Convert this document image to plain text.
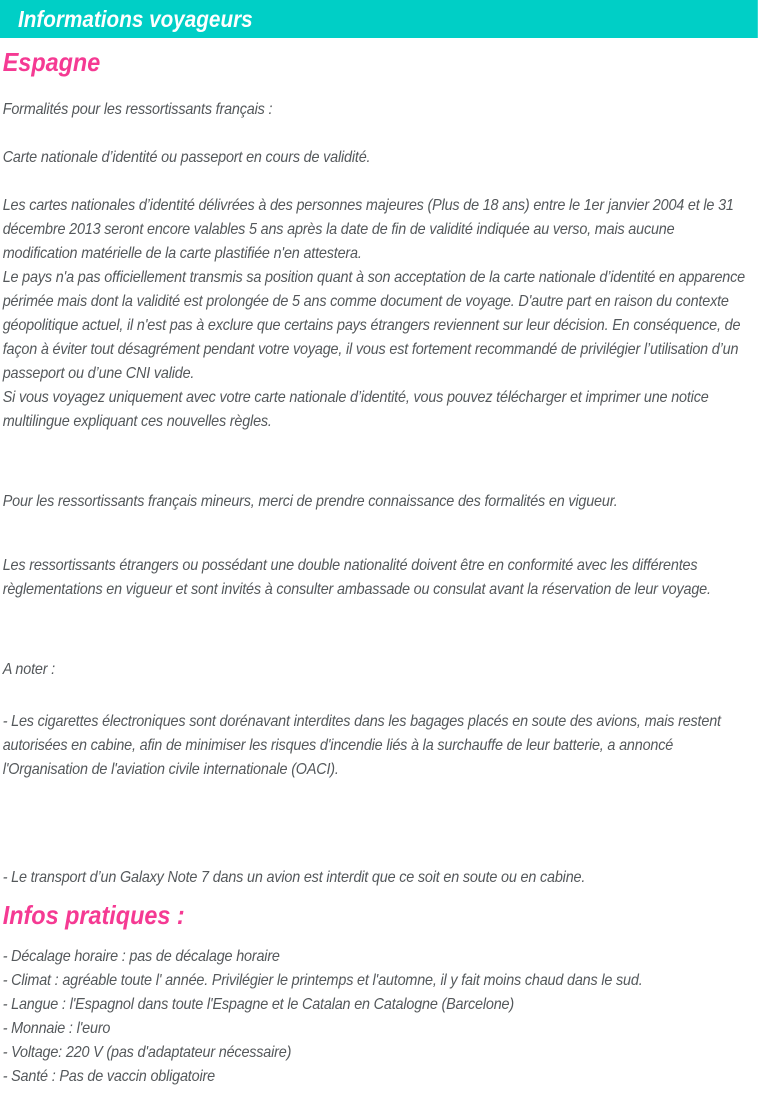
Informations voyageurs
Espagne

Formalités pour les ressortissants français :

Carte nationale d’identité ou passeport en cours de validité.

Les cartes nationales d’identité délivrées à des personnes majeures (Plus de 18 ans) entre le 1er janvier 2004 et le 31 décembre 2013 seront encore valables 5 ans après la date de fin de validité indiquée au verso, mais aucune modification matérielle de la carte plastifiée n'en attestera.

Le pays n'a pas officiellement transmis sa position quant à son acceptation de la carte nationale d’identité en apparence périmée mais dont la validité est prolongée de 5 ans comme document de voyage. D'autre part en raison du contexte géopolitique actuel, il n'est pas à exclure que certains pays étrangers reviennent sur leur décision. En conséquence, de façon à éviter tout désagrément pendant votre voyage, il vous est fortement recommandé de privilégier l’utilisation d’un passeport ou d’une CNI valide.

Si vous voyagez uniquement avec votre carte nationale d’identité, vous pouvez télécharger et imprimer une notice multilingue expliquant ces nouvelles règles.

Pour les ressortissants français mineurs, merci de prendre connaissance des formalités en vigueur.

Les ressortissants étrangers ou possédant une double nationalité doivent être en conformité avec les différentes règlementations en vigueur et sont invités à consulter ambassade ou consulat avant la réservation de leur voyage.

A noter :

- Les cigarettes électroniques sont dorénavant interdites dans les bagages placés en soute des avions, mais restent autorisées en cabine, afin de minimiser les risques d'incendie liés à la surchauffe de leur batterie, a annoncé l'Organisation de l'aviation civile internationale (OACI).

- Le transport d’un Galaxy Note 7 dans un avion est interdit que ce soit en soute ou en cabine.

Infos pratiques :

- Décalage horaire : pas de décalage horaire

- Climat : agréable toute l' année. Privilégier le printemps et l'automne, il y fait moins chaud dans le sud.

- Langue : l'Espagnol dans toute l'Espagne et le Catalan en Catalogne (Barcelone)

- Monnaie : l'euro

- Voltage: 220 V (pas d'adaptateur nécessaire)

- Santé : Pas de vaccin obligatoire
